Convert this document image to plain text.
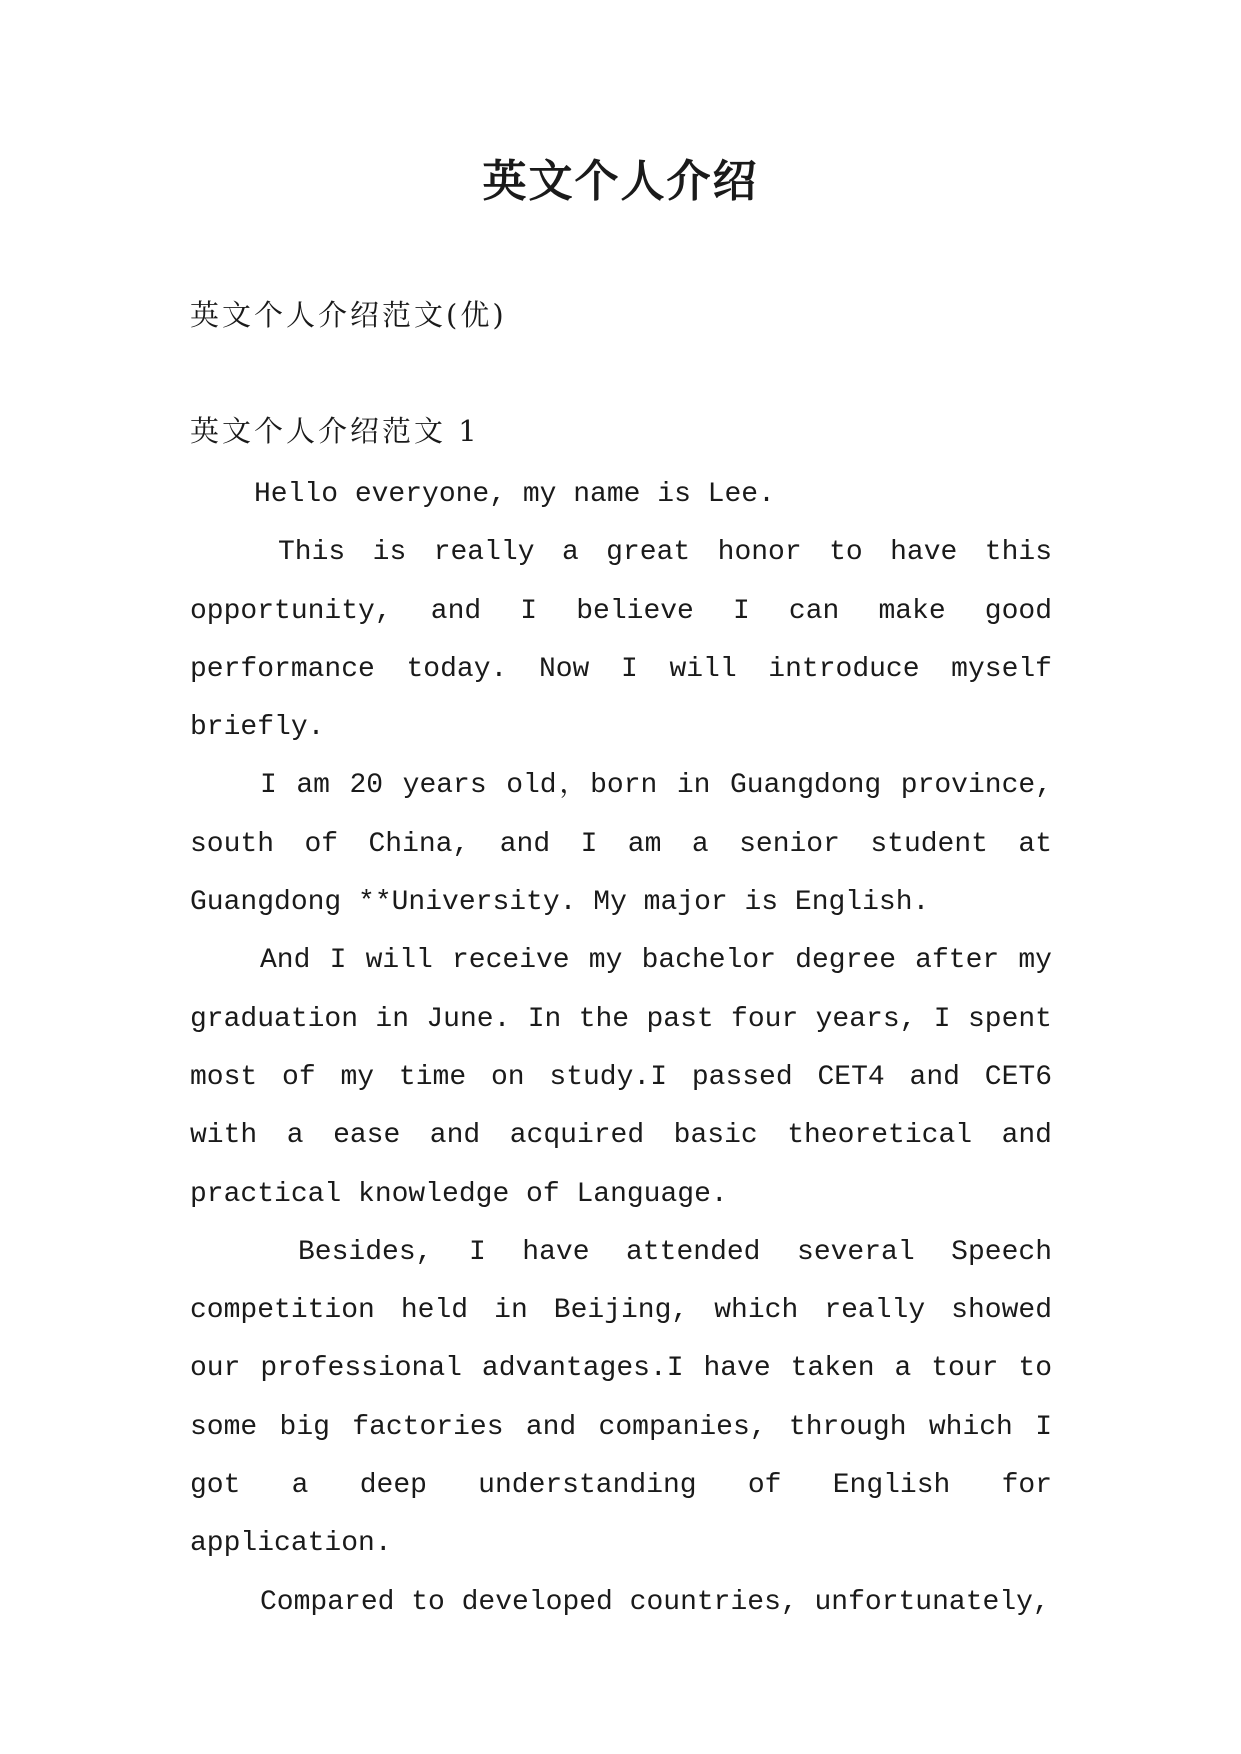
英文个人介绍
英文个人介绍范文(优)
英文个人介绍范文 1

Hello everyone, my name is Lee.

This is really a great honor to have this opportunity, and I believe I can make good performance today. Now I will introduce myself briefly.

I am 20 years old，born in Guangdong province, south of China, and I am a senior student at Guangdong **University. My major is English.

And I will receive my bachelor degree after my graduation in June. In the past four years, I spent most of my time on study.I passed CET4 and CET6 with a ease and acquired basic theoretical and practical knowledge of Language.

Besides, I have attended several Speech competition held in Beijing, which really showed our professional advantages.I have taken a tour to some big factories and companies, through which I got a deep understanding of English for application.

Compared to developed countries, unfortunately,
